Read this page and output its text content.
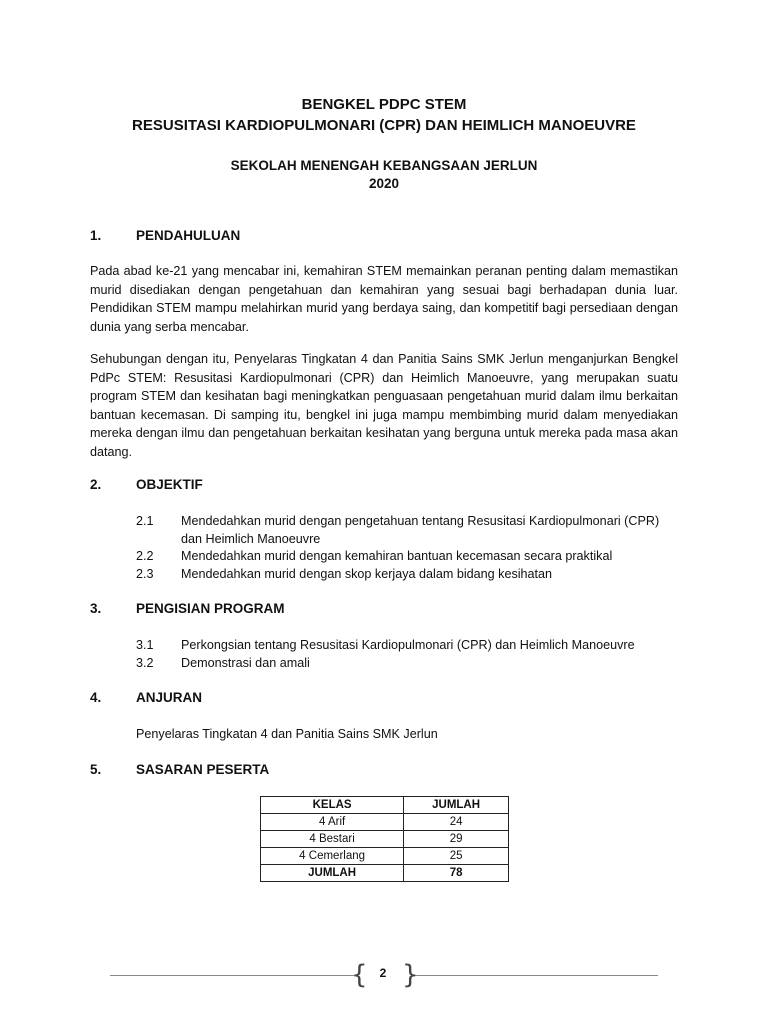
BENGKEL PDPC STEM
RESUSITASI KARDIOPULMONARI (CPR) DAN HEIMLICH MANOEUVRE
SEKOLAH MENENGAH KEBANGSAAN JERLUN
2020
1.	PENDAHULUAN

Pada abad ke-21 yang mencabar ini, kemahiran STEM memainkan peranan penting dalam memastikan murid disediakan dengan pengetahuan dan kemahiran yang sesuai bagi berhadapan dunia luar. Pendidikan STEM mampu melahirkan murid yang berdaya saing, dan kompetitif bagi persediaan dengan dunia yang serba mencabar.

Sehubungan dengan itu, Penyelaras Tingkatan 4 dan Panitia Sains SMK Jerlun menganjurkan Bengkel PdPc STEM: Resusitasi Kardiopulmonari (CPR) dan Heimlich Manoeuvre, yang merupakan suatu program STEM dan kesihatan bagi meningkatkan penguasaan pengetahuan murid dalam ilmu berkaitan bantuan kecemasan. Di samping itu, bengkel ini juga mampu membimbing murid dalam menyediakan mereka dengan ilmu dan pengetahuan berkaitan kesihatan yang berguna untuk mereka pada masa akan datang.

2.	OBJEKTIF
2.1 Mendedahkan murid dengan pengetahuan tentang Resusitasi Kardiopulmonari (CPR) dan Heimlich Manoeuvre
2.2 Mendedahkan murid dengan kemahiran bantuan kecemasan secara praktikal
2.3 Mendedahkan murid dengan skop kerjaya dalam bidang kesihatan
3.	PENGISIAN PROGRAM
3.1 Perkongsian tentang Resusitasi Kardiopulmonari (CPR) dan Heimlich Manoeuvre
3.2 Demonstrasi dan amali
4.	ANJURAN
Penyelaras Tingkatan 4 dan Panitia Sains SMK Jerlun
5.	SASARAN PESERTA
KELAS	JUMLAH
4 Arif	24
4 Bestari	29
4 Cemerlang	25
JUMLAH	78
{ }
2
